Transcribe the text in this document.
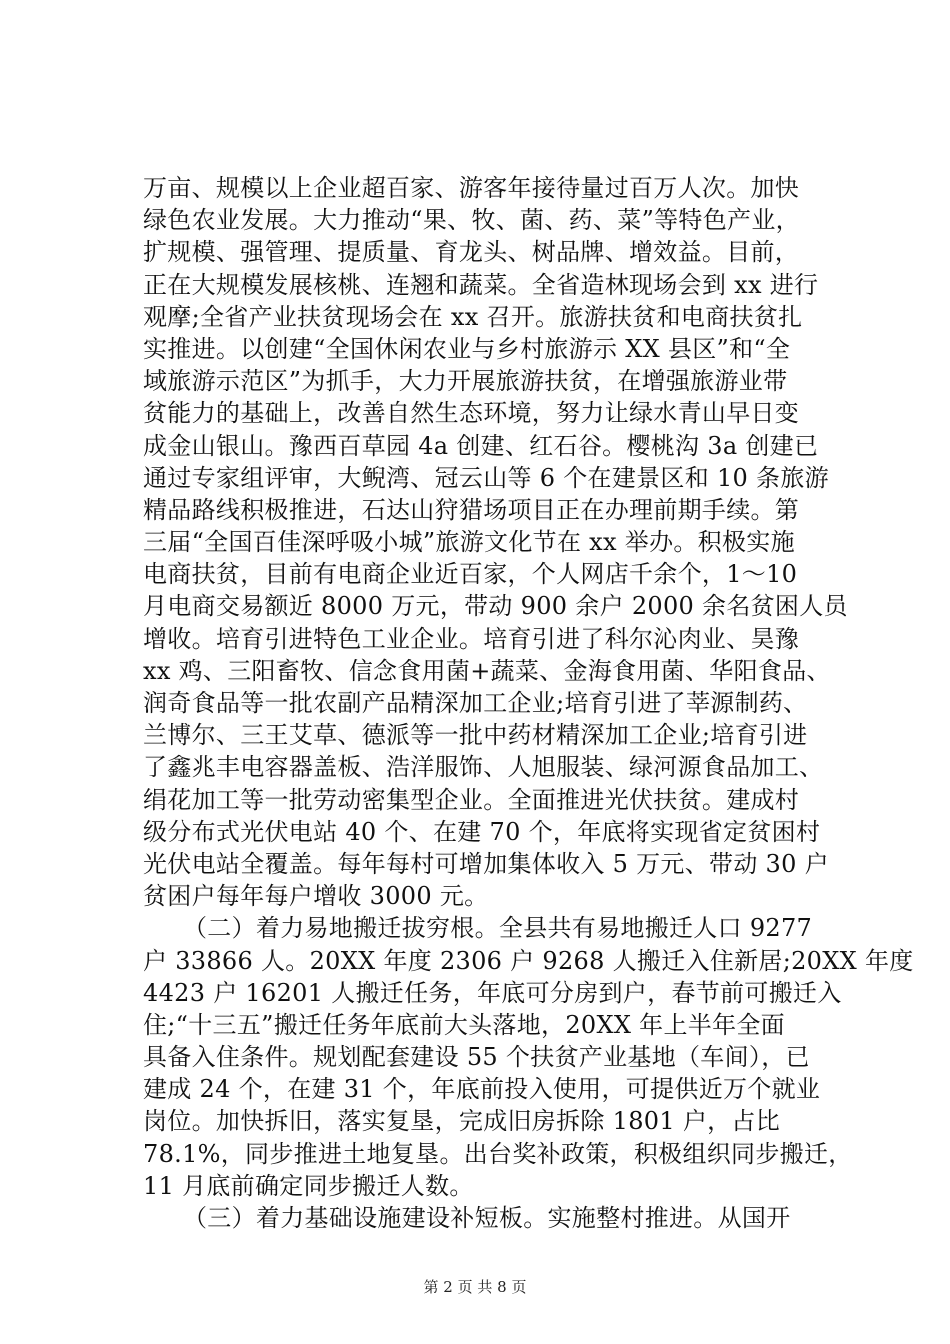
万亩、规模以上企业超百家、游客年接待量过百万人次。加快
绿色农业发展。大力推动“果、牧、菌、药、菜”等特色产业，
扩规模、强管理、提质量、育龙头、树品牌、增效益。目前，
正在大规模发展核桃、连翘和蔬菜。全省造林现场会到 xx 进行
观摩;全省产业扶贫现场会在 xx 召开。旅游扶贫和电商扶贫扎
实推进。以创建“全国休闲农业与乡村旅游示 XX 县区”和“全
域旅游示范区”为抓手，大力开展旅游扶贫，在增强旅游业带
贫能力的基础上，改善自然生态环境，努力让绿水青山早日变
成金山银山。豫西百草园 4a 创建、红石谷。樱桃沟 3a 创建已
通过专家组评审，大鲵湾、冠云山等 6 个在建景区和 10 条旅游
精品路线积极推进，石达山狩猎场项目正在办理前期手续。第
三届“全国百佳深呼吸小城”旅游文化节在 xx 举办。积极实施
电商扶贫，目前有电商企业近百家，个人网店千余个，1～10
月电商交易额近 8000 万元，带动 900 余户 2000 余名贫困人员
增收。培育引进特色工业企业。培育引进了科尔沁肉业、昊豫
xx 鸡、三阳畜牧、信念食用菌+蔬菜、金海食用菌、华阳食品、
润奇食品等一批农副产品精深加工企业;培育引进了莘源制药、
兰博尔、三王艾草、德派等一批中药材精深加工企业;培育引进
了鑫兆丰电容器盖板、浩洋服饰、人旭服装、绿河源食品加工、
绢花加工等一批劳动密集型企业。全面推进光伏扶贫。建成村
级分布式光伏电站 40 个、在建 70 个，年底将实现省定贫困村
光伏电站全覆盖。每年每村可增加集体收入 5 万元、带动 30 户
贫困户每年每户增收 3000 元。
（二）着力易地搬迁拔穷根。全县共有易地搬迁人口 9277
户 33866 人。20XX 年度 2306 户 9268 人搬迁入住新居;20XX 年度
4423 户 16201 人搬迁任务，年底可分房到户，春节前可搬迁入
住;“十三五”搬迁任务年底前大头落地，20XX 年上半年全面
具备入住条件。规划配套建设 55 个扶贫产业基地（车间），已
建成 24 个，在建 31 个，年底前投入使用，可提供近万个就业
岗位。加快拆旧，落实复垦，完成旧房拆除 1801 户，占比
78.1%，同步推进土地复垦。出台奖补政策，积极组织同步搬迁，
11 月底前确定同步搬迁人数。
（三）着力基础设施建设补短板。实施整村推进。从国开
第 2 页 共 8 页
